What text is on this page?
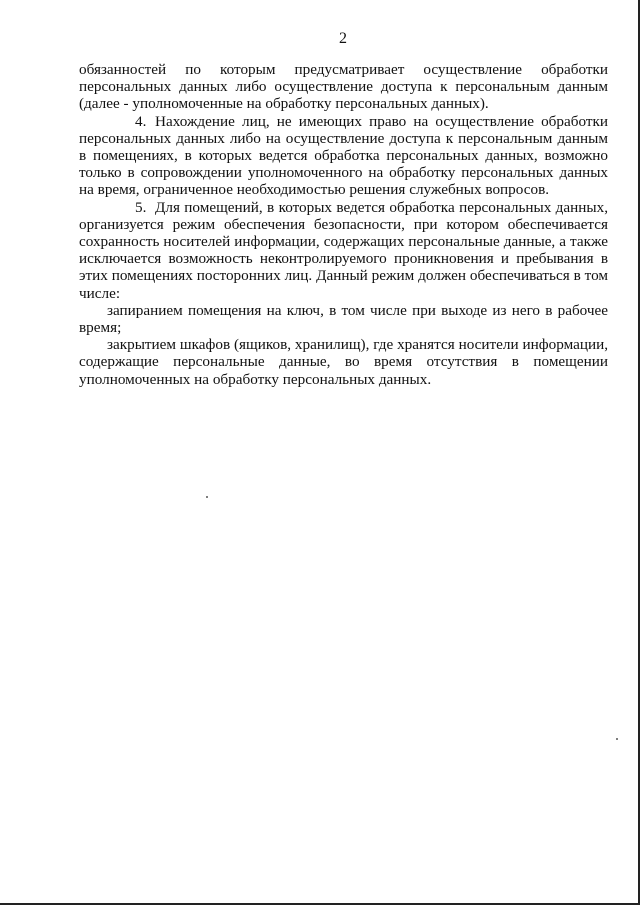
2

обязанностей по которым предусматривает осуществление обработки персональных данных либо осуществление доступа к персональным данным (далее - уполномоченные на обработку персональных данных).

4. Нахождение лиц, не имеющих право на осуществление обработки персональных данных либо на осуществление доступа к персональным данным в помещениях, в которых ведется обработка персональных данных, возможно только в сопровождении уполномоченного на обработку персональных данных на время, ограниченное необходимостью решения служебных вопросов.

5. Для помещений, в которых ведется обработка персональных данных, организуется режим обеспечения безопасности, при котором обеспечивается сохранность носителей информации, содержащих персональные данные, а также исключается возможность неконтролируемого проникновения и пребывания в этих помещениях посторонних лиц. Данный режим должен обеспечиваться в том числе:

запиранием помещения на ключ, в том числе при выходе из него в рабочее время;

закрытием шкафов (ящиков, хранилищ), где хранятся носители информации, содержащие персональные данные, во время отсутствия в помещении уполномоченных на обработку персональных данных.
